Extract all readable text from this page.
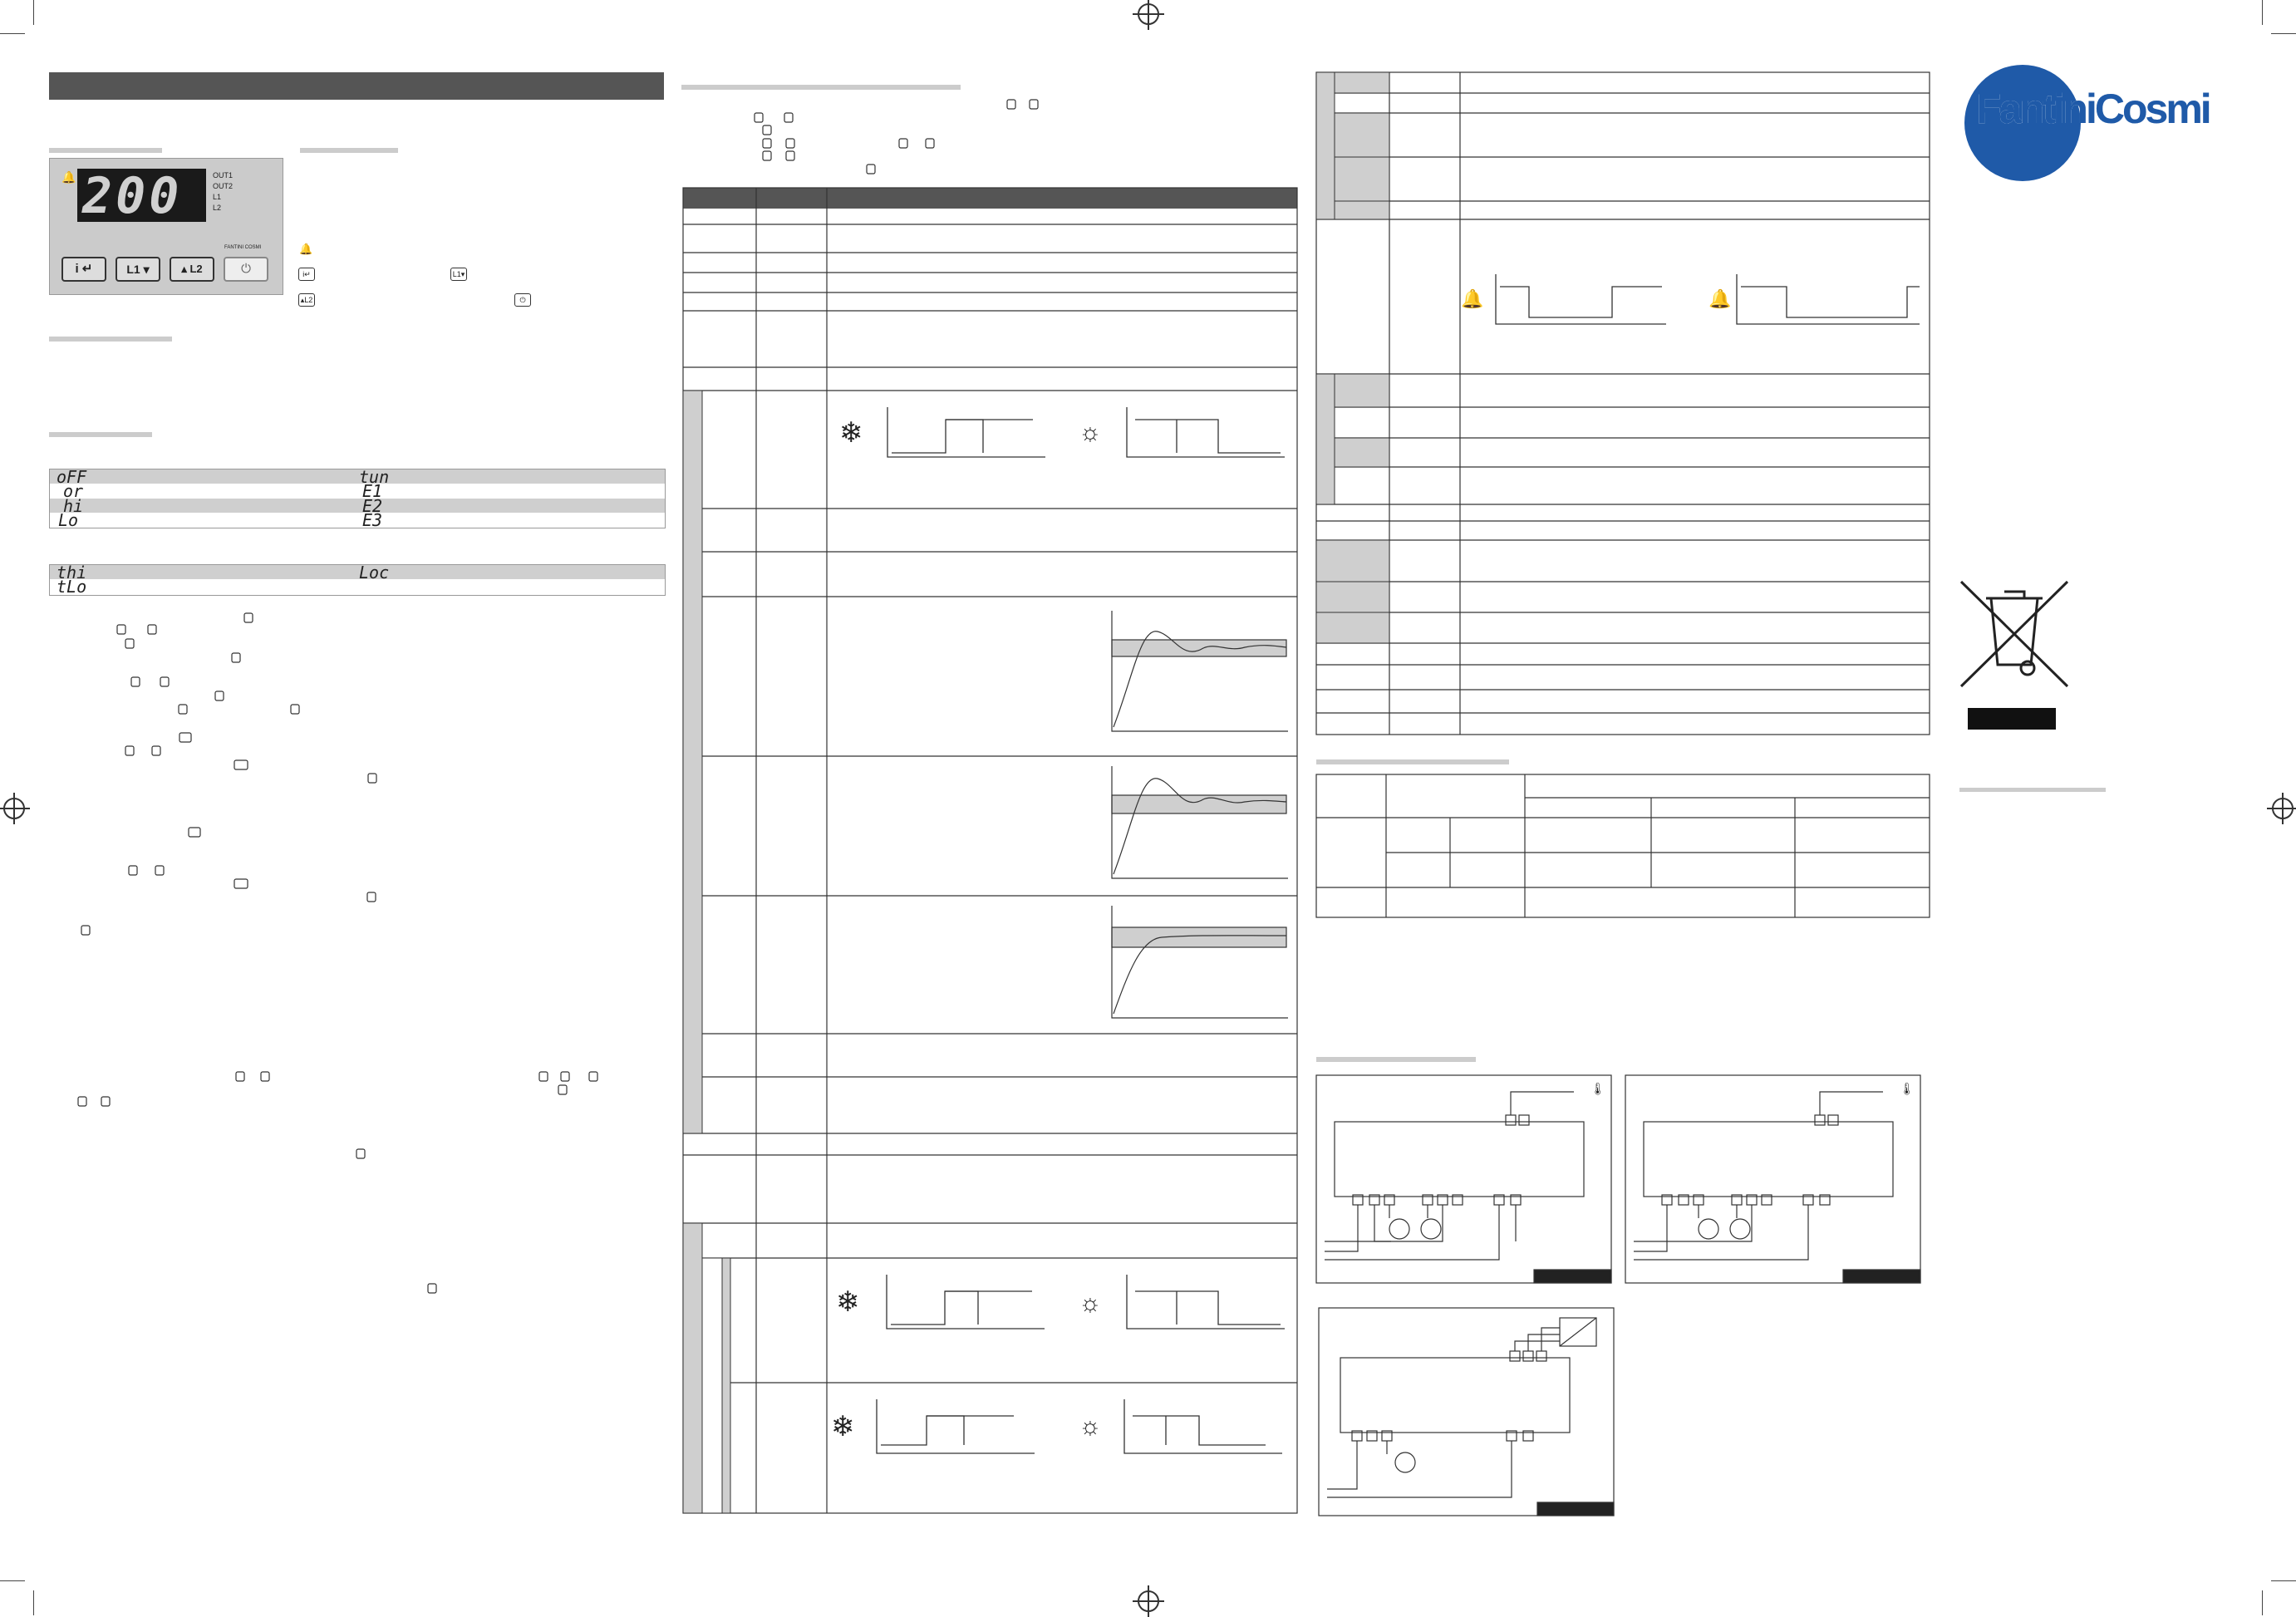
🔔 200	OUT1
OUT2
L1
L2
FANTINI COSMI
i ↵	L1 ▾	▴ L2	⏻
🔔
i↵	L1▾
▴L2	⏻
oFF	tun
or	E1
hi	E2
Lo	E3
thi	Loc
tLo
❄	☼
❄	☼
❄	☼
🔔	🔔
🌡	🌡
FantiniCosmi
